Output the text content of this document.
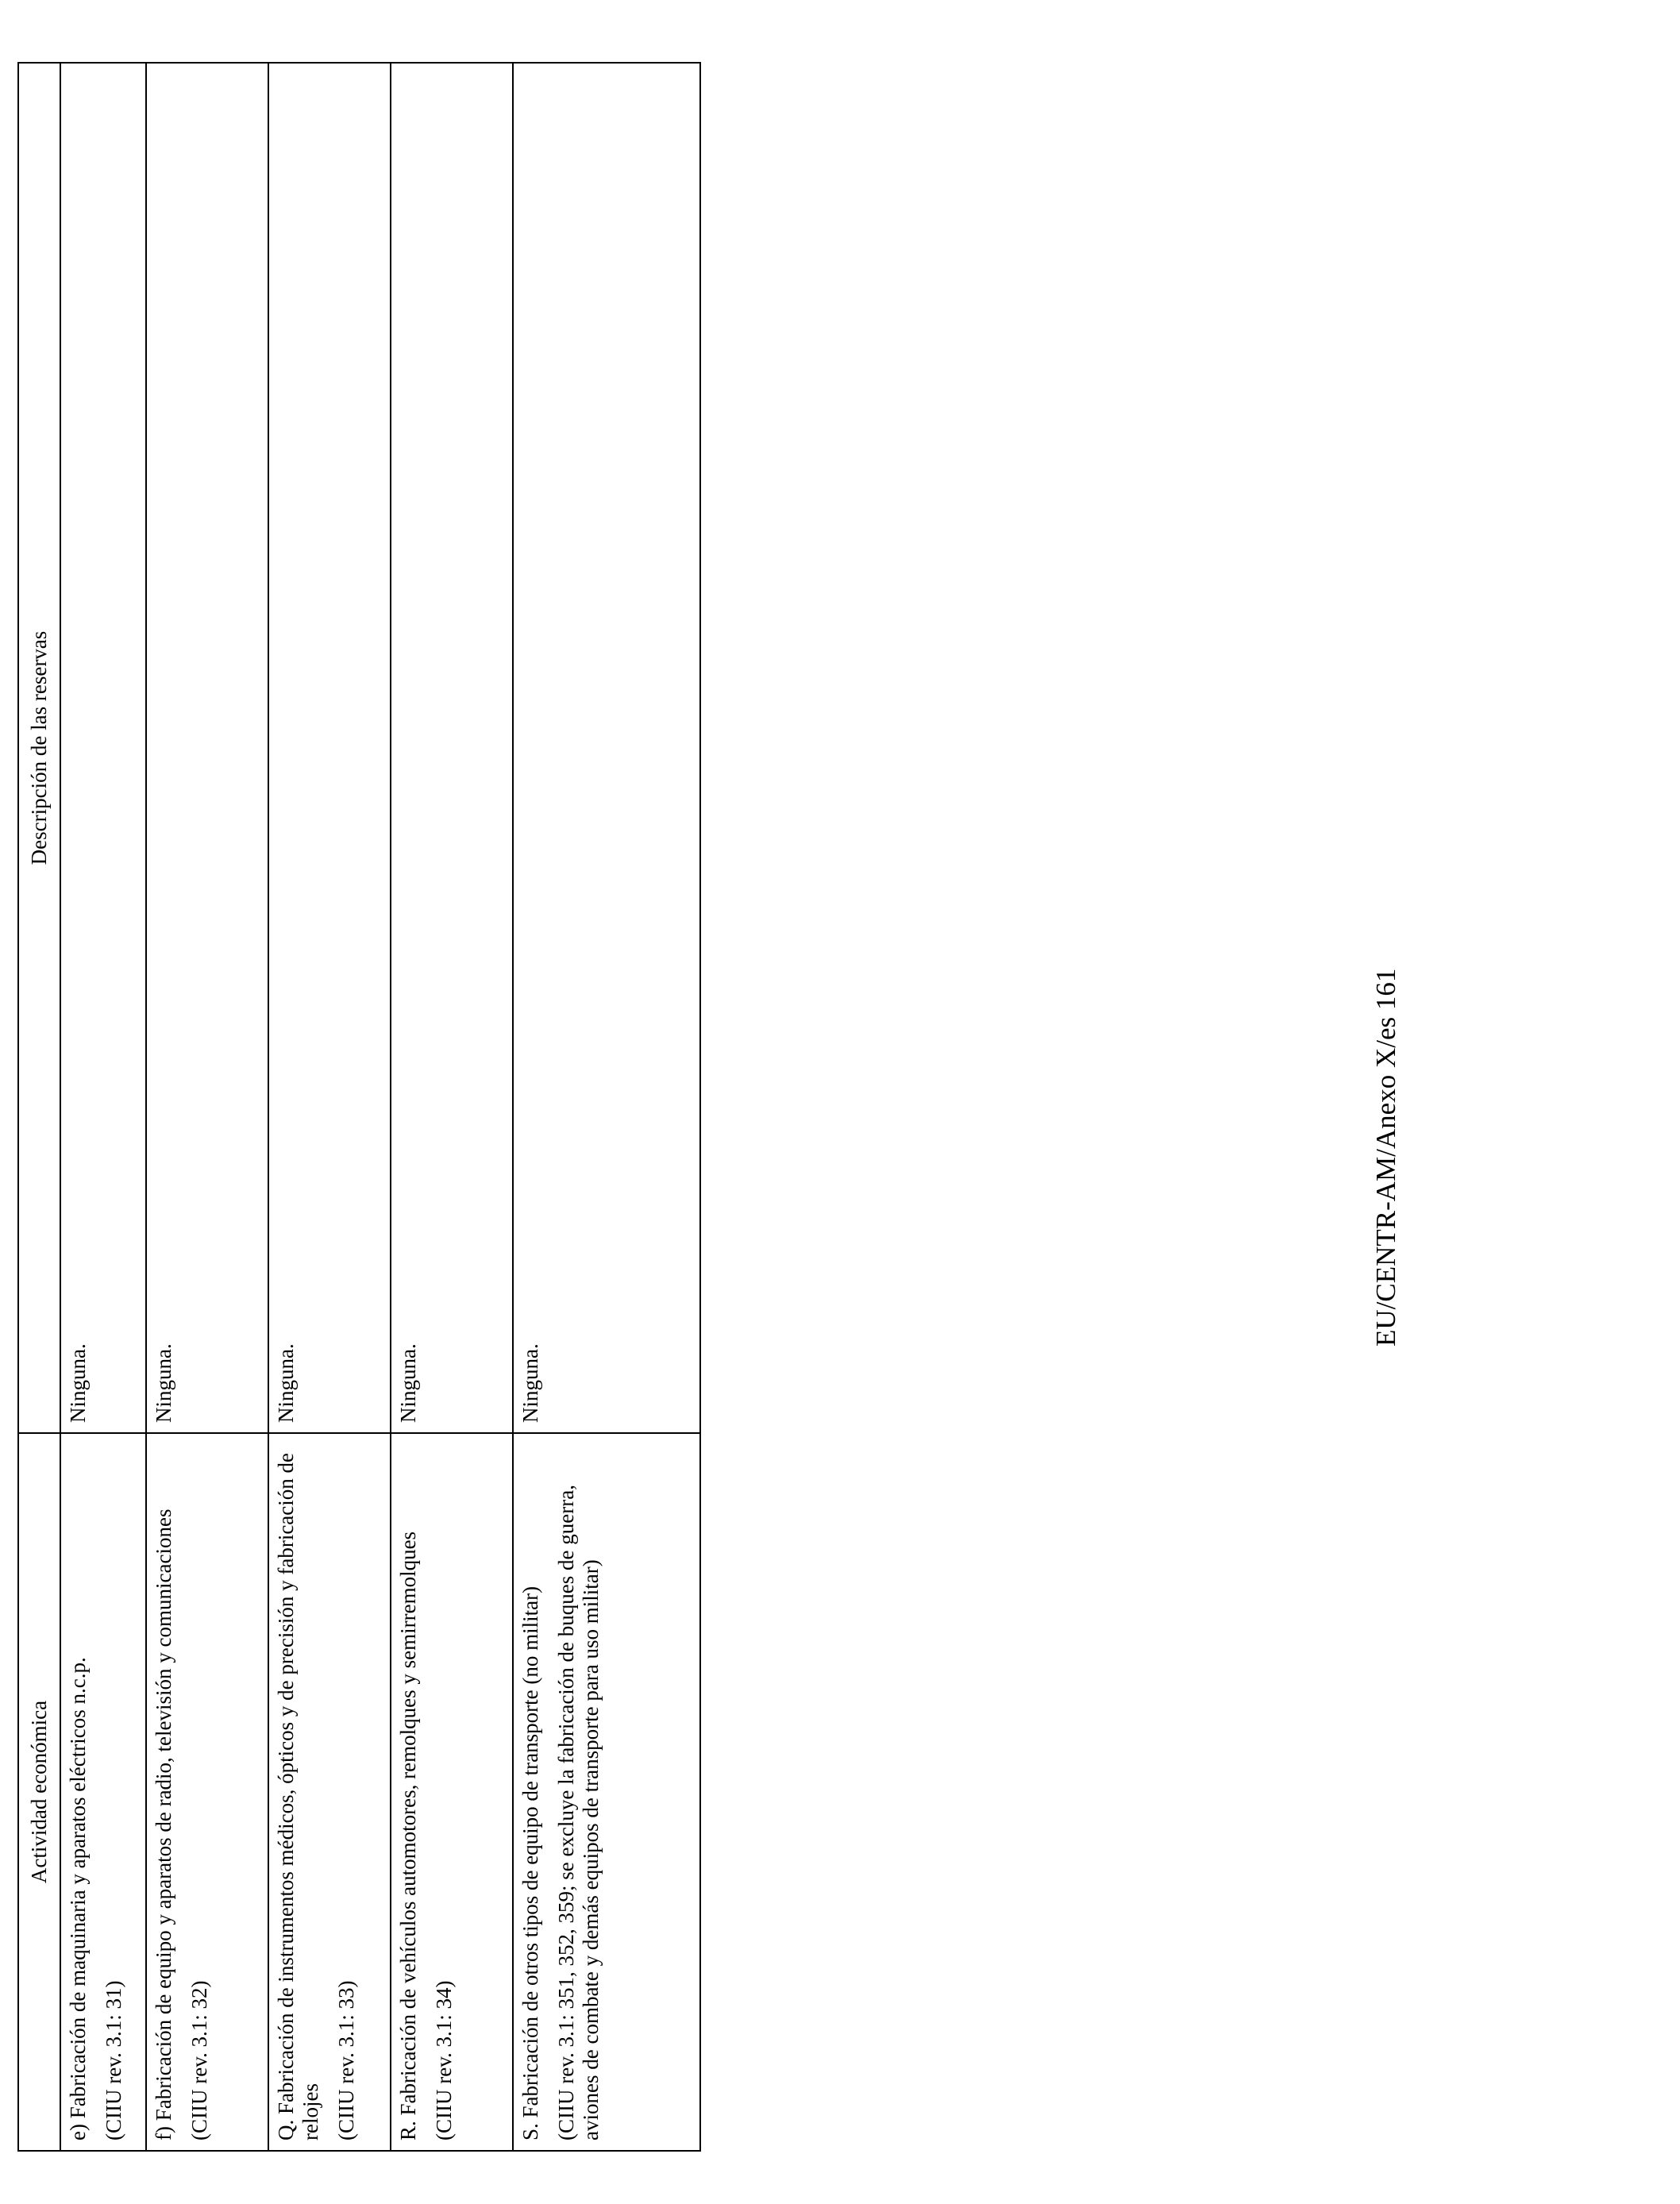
Actividad económica	Descripción de las reservas

e) Fabricación de maquinaria y aparatos eléctricos n.c.p. (CIIU rev. 3.1: 31)	Ninguna.

f) Fabricación de equipo y aparatos de radio, televisión y comunicaciones (CIIU rev. 3.1: 32)	Ninguna.

Q. Fabricación de instrumentos médicos, ópticos y de precisión y fabricación de relojes (CIIU rev. 3.1: 33)	Ninguna.

R. Fabricación de vehículos automotores, remolques y semirremolques (CIIU rev. 3.1: 34)	Ninguna.

S. Fabricación de otros tipos de equipo de transporte (no militar) (CIIU rev. 3.1: 351, 352, 359; se excluye la fabricación de buques de guerra, aviones de combate y demás equipos de transporte para uso militar)	Ninguna.
EU/CENTR-AM/Anexo X/es 161
